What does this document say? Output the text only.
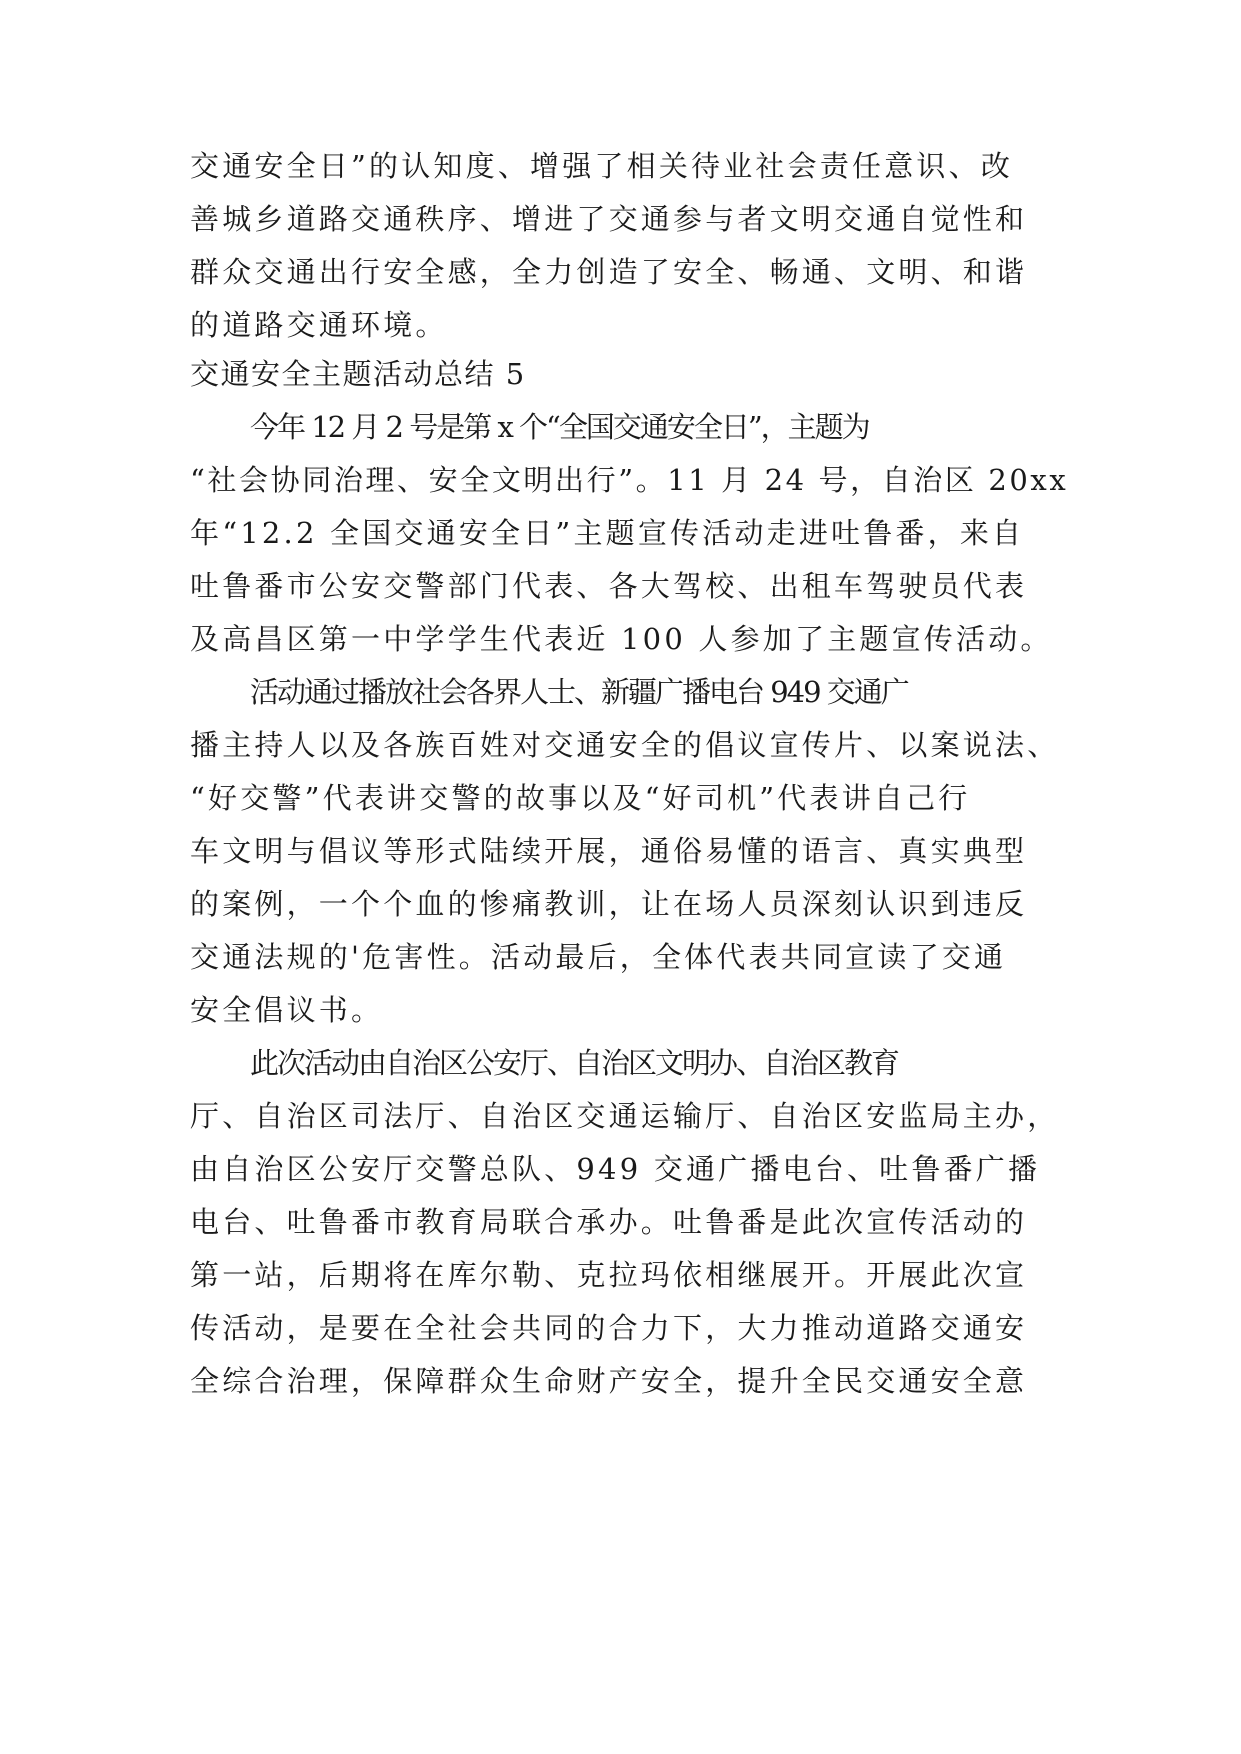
交通安全日”的认知度、增强了相关待业社会责任意识、改
善城乡道路交通秩序、增进了交通参与者文明交通自觉性和
群众交通出行安全感，全力创造了安全、畅通、文明、和谐
的道路交通环境。
交通安全主题活动总结 5
今年 12 月 2 号是第 x 个“全国交通安全日”，主题为
“社会协同治理、安全文明出行”。11 月 24 号，自治区 20xx
年“12.2 全国交通安全日”主题宣传活动走进吐鲁番，来自
吐鲁番市公安交警部门代表、各大驾校、出租车驾驶员代表
及高昌区第一中学学生代表近 100 人参加了主题宣传活动。
活动通过播放社会各界人士、新疆广播电台 949 交通广
播主持人以及各族百姓对交通安全的倡议宣传片、以案说法、
“好交警”代表讲交警的故事以及“好司机”代表讲自己行
车文明与倡议等形式陆续开展，通俗易懂的语言、真实典型
的案例，一个个血的惨痛教训，让在场人员深刻认识到违反
交通法规的'危害性。活动最后，全体代表共同宣读了交通
安全倡议书。
此次活动由自治区公安厅、自治区文明办、自治区教育
厅、自治区司法厅、自治区交通运输厅、自治区安监局主办，
由自治区公安厅交警总队、949 交通广播电台、吐鲁番广播
电台、吐鲁番市教育局联合承办。吐鲁番是此次宣传活动的
第一站，后期将在库尔勒、克拉玛依相继展开。开展此次宣
传活动，是要在全社会共同的合力下，大力推动道路交通安
全综合治理，保障群众生命财产安全，提升全民交通安全意
